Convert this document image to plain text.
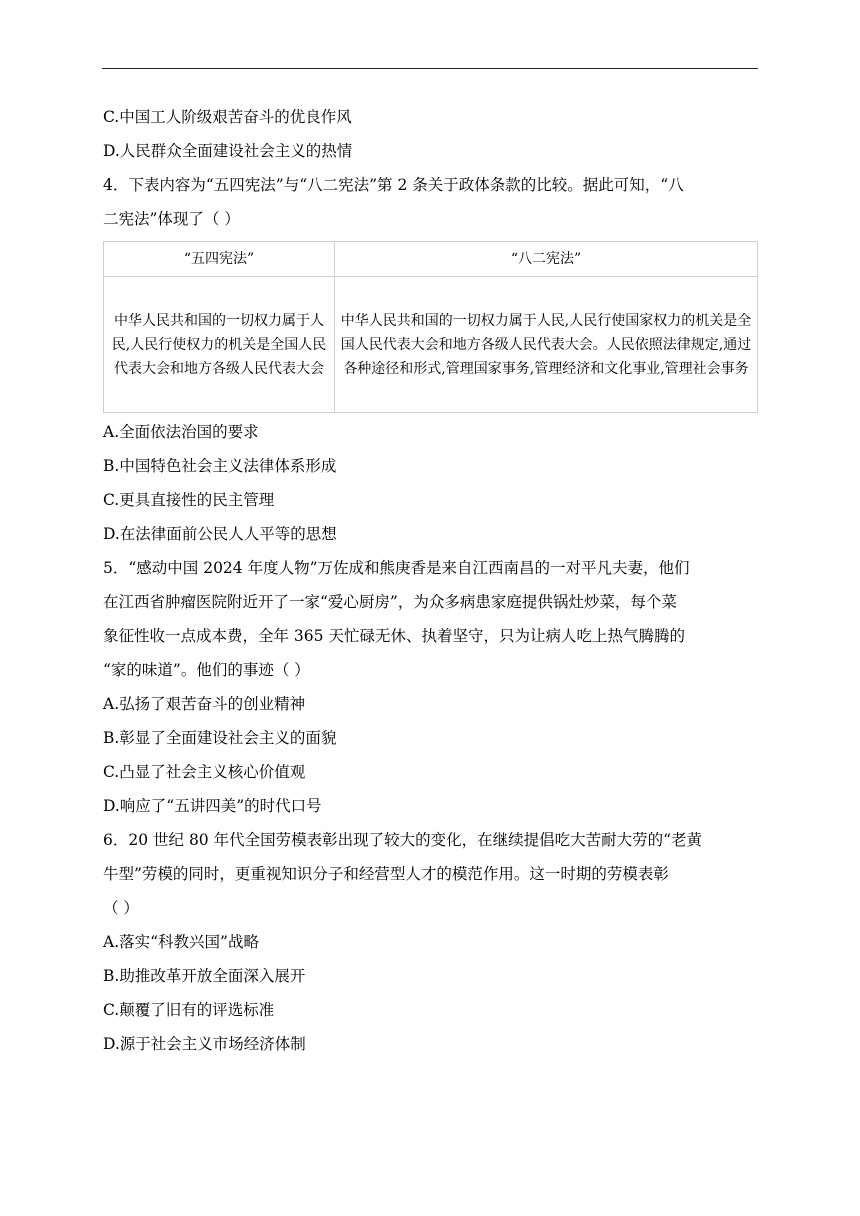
C.中国工人阶级艰苦奋斗的优良作风

D.人民群众全面建设社会主义的热情

4．下表内容为“五四宪法”与“八二宪法”第 2 条关于政体条款的比较。据此可知，“八

二宪法”体现了（ ）

“五四宪法”	“八二宪法”
中华人民共和国的一切权力属于人民,人民行使权力的机关是全国人民代表大会和地方各级人民代表大会	中华人民共和国的一切权力属于人民,人民行使国家权力的机关是全国人民代表大会和地方各级人民代表大会。人民依照法律规定,通过各种途径和形式,管理国家事务,管理经济和文化事业,管理社会事务

A.全面依法治国的要求

B.中国特色社会主义法律体系形成

C.更具直接性的民主管理

D.在法律面前公民人人平等的思想

5．“感动中国 2024 年度人物”万佐成和熊庚香是来自江西南昌的一对平凡夫妻，他们

在江西省肿瘤医院附近开了一家“爱心厨房”，为众多病患家庭提供锅灶炒菜，每个菜

象征性收一点成本费，全年 365 天忙碌无休、执着坚守，只为让病人吃上热气腾腾的

“家的味道”。他们的事迹（ ）

A.弘扬了艰苦奋斗的创业精神

B.彰显了全面建设社会主义的面貌

C.凸显了社会主义核心价值观

D.响应了“五讲四美”的时代口号

6．20 世纪 80 年代全国劳模表彰出现了较大的变化，在继续提倡吃大苦耐大劳的“老黄

牛型”劳模的同时，更重视知识分子和经营型人才的模范作用。这一时期的劳模表彰

（ ）

A.落实“科教兴国”战略

B.助推改革开放全面深入展开

C.颠覆了旧有的评选标准

D.源于社会主义市场经济体制
